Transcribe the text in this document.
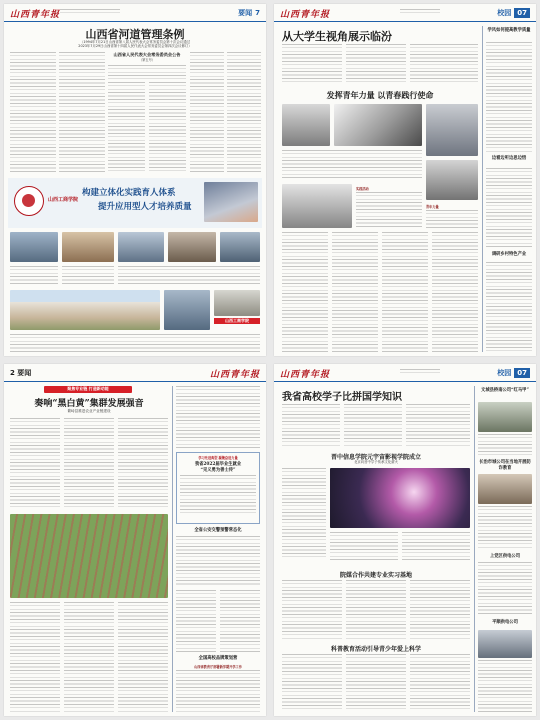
山西青年报	要闻 7
山西省河道管理条例
（1994年7月21日山西省第八届人民代表大会常务委员会第十次会议通过
2023年7月29日山西省第十四届人民代表大会常务委员会第四次会议修订）
山西省人民代表大会常务委员会公告
（第五号）
山西工商学院
构建立体化实践育人体系
提升应用型人才培养质量
山西工商学院
山西青年报	校园 07
从大学生视角展示临汾
发挥青年力量 以青春践行使命
实践活动
青年力量
学风如何提高教学质量
边看边听边思边悟
调研乡村特色产业
2 要闻	山西青年报
聚焦专业链 打造新动能
奏响“黑白黄”集群发展强音
繁峙县推进农业产业链建设
学习先进典型 凝聚奋进力量
我省2022届毕业生就业
“见义勇为善士传”
全省公安交警预警常态化
全国高校品牌策划营
山西省教育厅部署新学期开学工作
山西青年报	校园 07
我省高校学子比拼国学知识
晋中信息学院元宇宙影视学院成立
北京向晋中学子传承文化薪火
院媒合作共建专业实习基地
科普教育活动引导青少年爱上科学
文城县桥南公司“红马甲”
长治市城公司在当地开展防诈教育
上党区供电公司
平顺供电公司
